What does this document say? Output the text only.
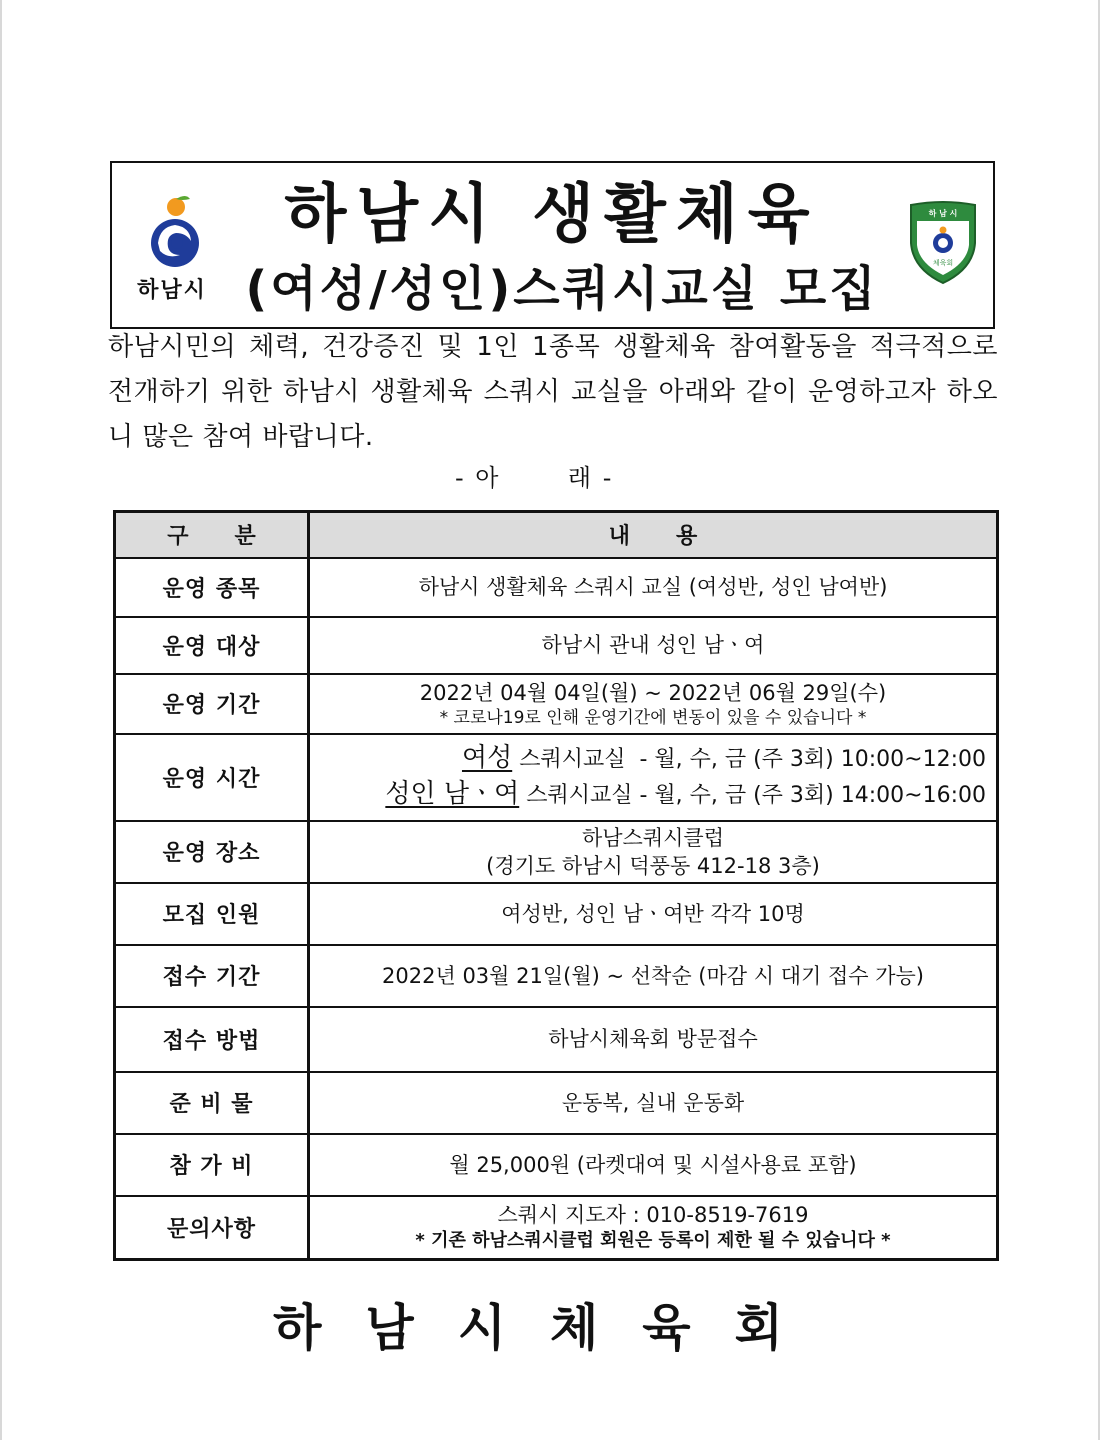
하남시
하남시 생활체육
(여성/성인)스쿼시교실 모집
하 남 시
체육회

하남시민의 체력, 건강증진 및 1인 1종목 생활체육 참여활동을 적극적으로 전개하기 위한 하남시 생활체육 스쿼시 교실을 아래와 같이 운영하고자 하오니 많은 참여 바랍니다.

- 아       래 -
구      분	내      용
운영 종목	하남시 생활체육 스쿼시 교실 (여성반, 성인 남여반)

운영 대상	하남시 관내 성인 남ㆍ여

운영 기간	2022년 04월 04일(월) ~ 2022년 06월 29일(수)
* 코로나19로 인해 운영기간에 변동이 있을 수 있습니다 *

운영 시간	여성 스쿼시교실  - 월, 수, 금 (주 3회) 10:00~12:00
성인 남ㆍ여 스쿼시교실 - 월, 수, 금 (주 3회) 14:00~16:00

운영 장소	하남스쿼시클럽
(경기도 하남시 덕풍동 412-18 3층)

모집 인원	여성반, 성인 남ㆍ여반 각각 10명

접수 기간	2022년 03월 21일(월) ~ 선착순 (마감 시 대기 접수 가능)

접수 방법	하남시체육회 방문접수

준 비 물	운동복, 실내 운동화

참 가 비	월 25,000원 (라켓대여 및 시설사용료 포함)

문의사항	스쿼시 지도자 : 010-8519-7619
* 기존 하남스쿼시클럽 회원은 등록이 제한 될 수 있습니다 *
하남시체육회
